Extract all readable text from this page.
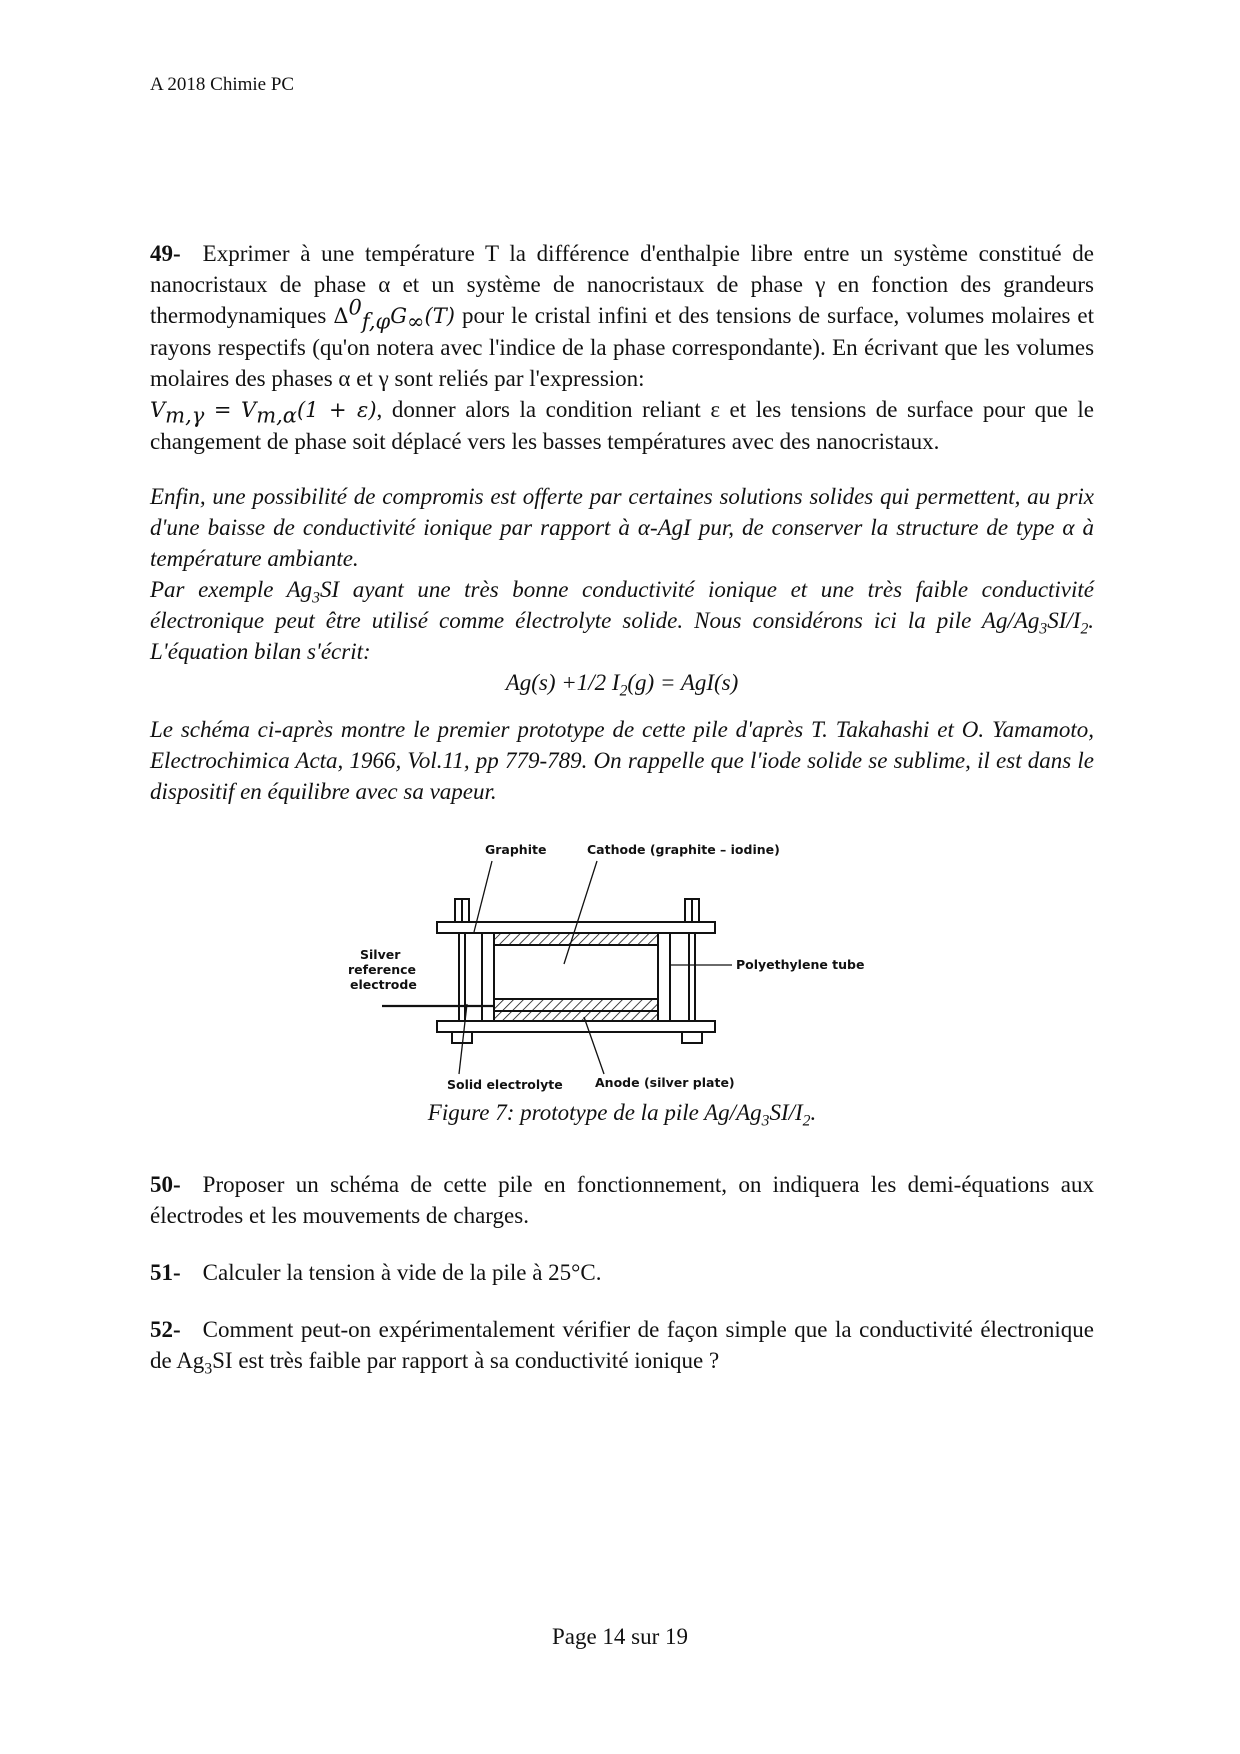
A 2018 Chimie PC

49- Exprimer à une température T la différence d'enthalpie libre entre un système constitué de nanocristaux de phase α et un système de nanocristaux de phase γ en fonction des grandeurs thermodynamiques $\Delta^0_{f,\varphi}G_\infty(T)$ pour le cristal infini et des tensions de surface, volumes molaires et rayons respectifs (qu'on notera avec l'indice de la phase correspondante). En écrivant que les volumes molaires des phases α et γ sont reliés par l'expression:
$V_{m,\gamma} = V_{m,\alpha}(1 + \varepsilon)$, donner alors la condition reliant ε et les tensions de surface pour que le changement de phase soit déplacé vers les basses températures avec des nanocristaux.

Enfin, une possibilité de compromis est offerte par certaines solutions solides qui permettent, au prix d'une baisse de conductivité ionique par rapport à α-AgI pur, de conserver la structure de type α à température ambiante.

Par exemple $Ag_3SI$ ayant une très bonne conductivité ionique et une très faible conductivité électronique peut être utilisé comme électrolyte solide. Nous considérons ici la pile $Ag/Ag_3SI/I_2$. L'équation bilan s'écrit:

Ag(s) +1/2 $I_2(g) = AgI(s)$

Le schéma ci-après montre le premier prototype de cette pile d'après T. Takahashi et O. Yamamoto, Electrochimica Acta, 1966, Vol.11, pp 779-789. On rappelle que l'iode solide se sublime, il est dans le dispositif en équilibre avec sa vapeur.

Graphite	Cathode (graphite – iodine)
Silver
reference
electrode
Polyethylene tube
Solid electrolyte	Anode (silver plate)
Figure 7: prototype de la pile $Ag/Ag_3SI/I_2$.

50- Proposer un schéma de cette pile en fonctionnement, on indiquera les demi-équations aux électrodes et les mouvements de charges.

51- Calculer la tension à vide de la pile à 25°C.

52- Comment peut-on expérimentalement vérifier de façon simple que la conductivité électronique de $Ag_3SI$ est très faible par rapport à sa conductivité ionique ?

Page 14 sur 19
